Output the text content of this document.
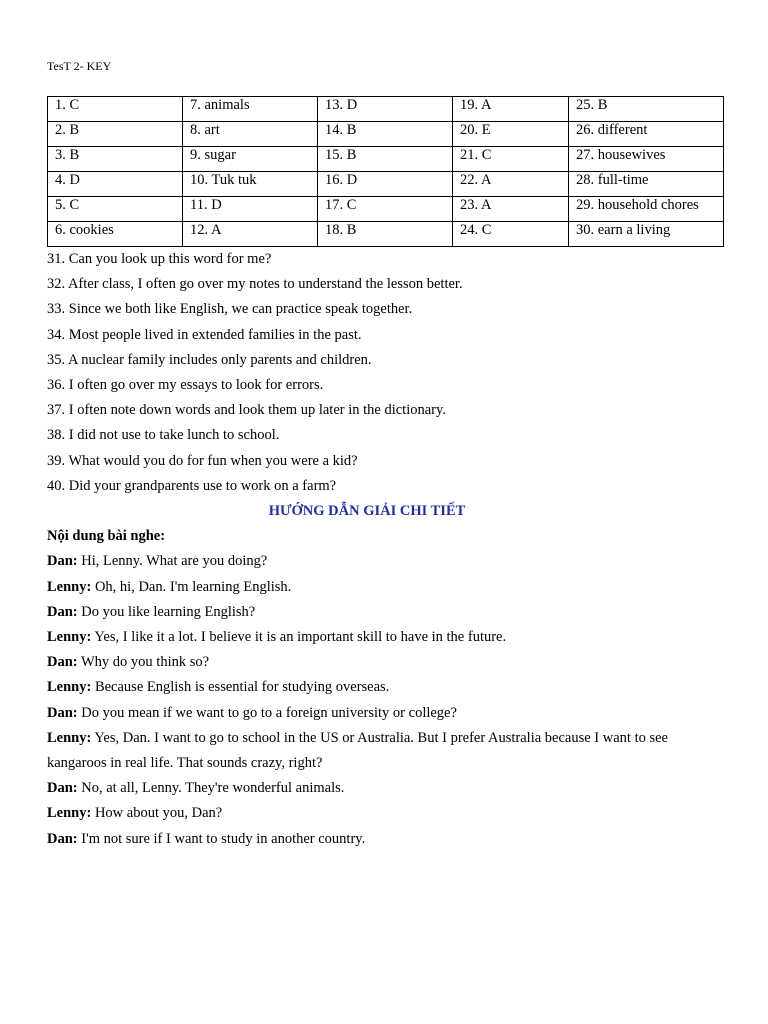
TesT 2- KEY
1. C	7. animals	13. D	19. A	25. B
2. B	8. art	14. B	20. E	26. different
3. B	9. sugar	15. B	21. C	27. housewives
4. D	10. Tuk tuk	16. D	22. A	28. full-time
5. C	11. D	17. C	23. A	29. household chores
6. cookies	12. A	18. B	24. C	30. earn a living

31. Can you look up this word for me?

32. After class, I often go over my notes to understand the lesson better.

33. Since we both like English, we can practice speak together.

34. Most people lived in extended families in the past.

35. A nuclear family includes only parents and children.

36. I often go over my essays to look for errors.

37. I often note down words and look them up later in the dictionary.

38. I did not use to take lunch to school.

39. What would you do for fun when you were a kid?

40. Did your grandparents use to work on a farm?

HƯỚNG DẪN GIẢI CHI TIẾT

Nội dung bài nghe:

Dan: Hi, Lenny. What are you doing?

Lenny: Oh, hi, Dan. I'm learning English.

Dan: Do you like learning English?

Lenny: Yes, I like it a lot. I believe it is an important skill to have in the future.

Dan: Why do you think so?

Lenny: Because English is essential for studying overseas.

Dan: Do you mean if we want to go to a foreign university or college?

Lenny: Yes, Dan. I want to go to school in the US or Australia. But I prefer Australia because I want to see kangaroos in real life. That sounds crazy, right?

Dan: No, at all, Lenny. They're wonderful animals.

Lenny: How about you, Dan?

Dan: I'm not sure if I want to study in another country.
